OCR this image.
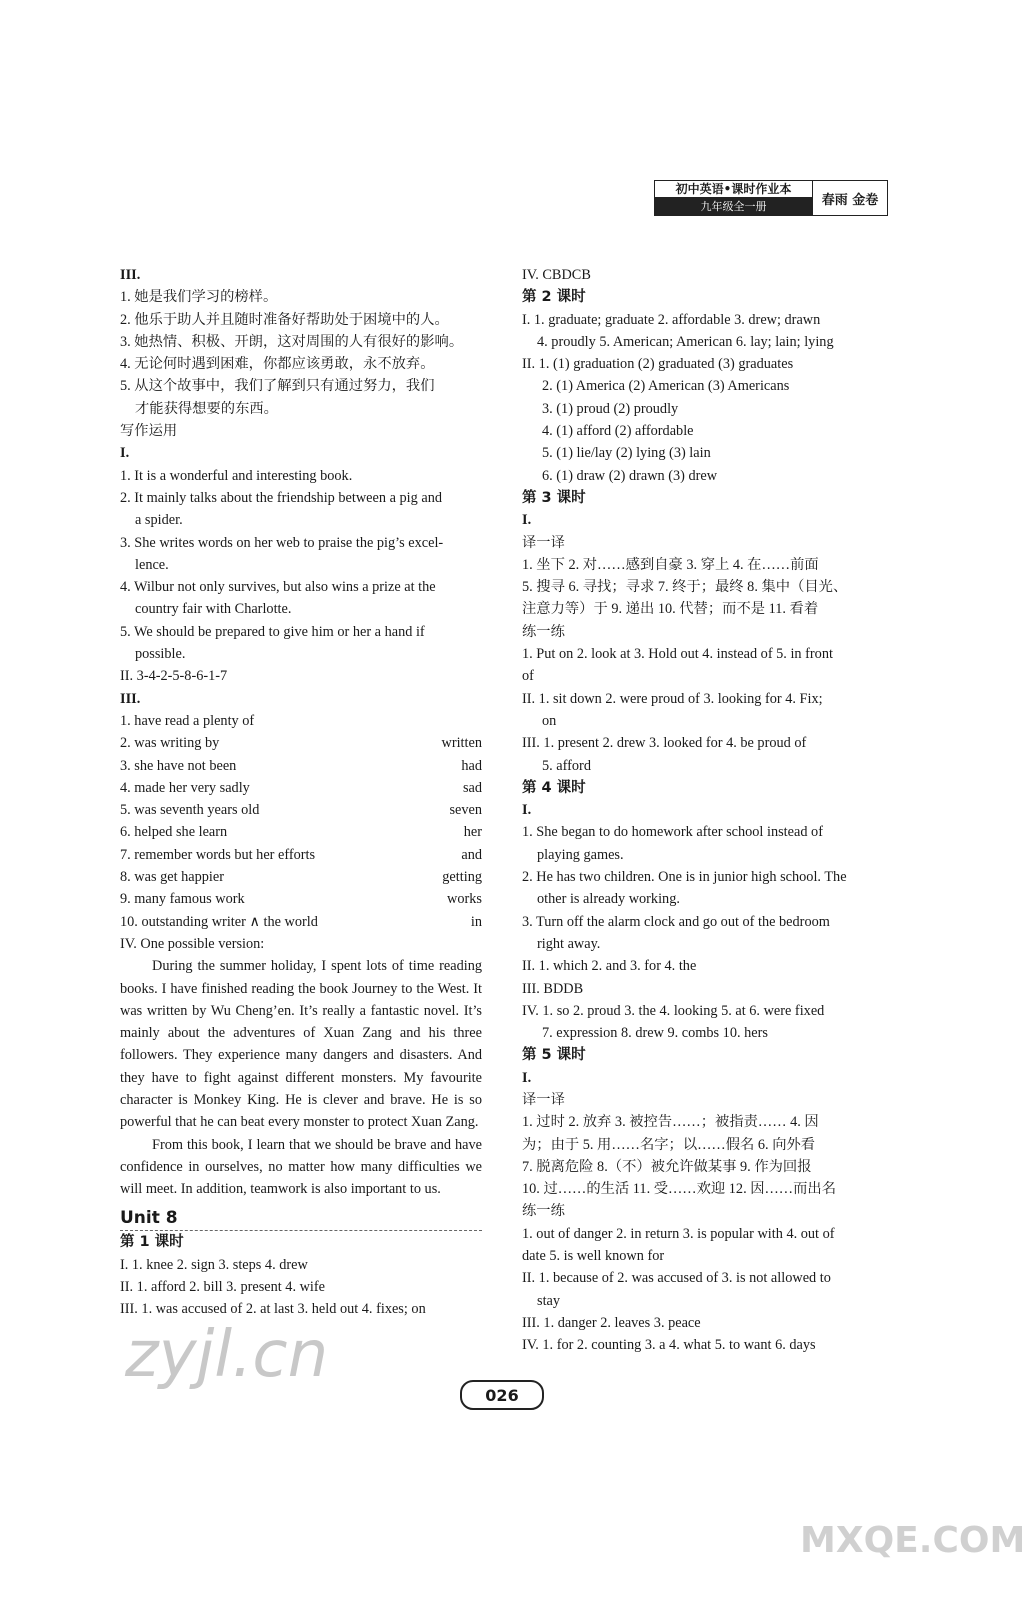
初中英语•课时作业本
九年级全一册	春雨 金卷
III.
1. 她是我们学习的榜样。
2. 他乐于助人并且随时准备好帮助处于困境中的人。
3. 她热情、积极、开朗，这对周围的人有很好的影响。
4. 无论何时遇到困难，你都应该勇敢，永不放弃。
5. 从这个故事中，我们了解到只有通过努力，我们
才能获得想要的东西。
写作运用
I.
1. It is a wonderful and interesting book.
2. It mainly talks about the friendship between a pig and
a spider.
3. She writes words on her web to praise the pig’s excel-
lence.
4. Wilbur not only survives, but also wins a prize at the
country fair with Charlotte.
5. We should be prepared to give him or her a hand if
possible.
II. 3-4-2-5-8-6-1-7
III.
1. have read a plenty of
2. was writing by	written
3. she have not been	had
4. made her very sadly	sad
5. was seventh years old	seven
6. helped she learn	her
7. remember words but her efforts	and
8. was get happier	getting
9. many famous work	works
10. outstanding writer ∧ the world	in
IV. One possible version:
During the summer holiday, I spent lots of time reading books. I have finished reading the book Journey to the West. It was written by Wu Cheng’en. It’s really a fantastic novel. It’s mainly about the adventures of Xuan Zang and his three followers. They experience many dangers and disasters. And they have to fight against different monsters. My favourite character is Monkey King. He is clever and brave. He is so powerful that he can beat every monster to protect Xuan Zang.
From this book, I learn that we should be brave and have confidence in ourselves, no matter how many difficulties we will meet. In addition, teamwork is also important to us.
Unit 8
第 1 课时
I. 1. knee 2. sign 3. steps 4. drew
II. 1. afford 2. bill 3. present 4. wife
III. 1. was accused of 2. at last 3. held out 4. fixes; on
IV. CBDCB
第 2 课时
I. 1. graduate; graduate 2. affordable 3. drew; drawn
4. proudly 5. American; American 6. lay; lain; lying
II. 1. (1) graduation (2) graduated (3) graduates
2. (1) America (2) American (3) Americans
3. (1) proud (2) proudly
4. (1) afford (2) affordable
5. (1) lie/lay (2) lying (3) lain
6. (1) draw (2) drawn (3) drew
第 3 课时
I.
译一译
1. 坐下 2. 对……感到自豪 3. 穿上 4. 在……前面
5. 搜寻 6. 寻找；寻求 7. 终于；最终 8. 集中（目光、
注意力等）于 9. 递出 10. 代替；而不是 11. 看着
练一练
1. Put on 2. look at 3. Hold out 4. instead of 5. in front
of
II. 1. sit down 2. were proud of 3. looking for 4. Fix;
on
III. 1. present 2. drew 3. looked for 4. be proud of
5. afford
第 4 课时
I.
1. She began to do homework after school instead of
playing games.
2. He has two children. One is in junior high school. The
other is already working.
3. Turn off the alarm clock and go out of the bedroom
right away.
II. 1. which 2. and 3. for 4. the
III. BDDB
IV. 1. so 2. proud 3. the 4. looking 5. at 6. were fixed
7. expression 8. drew 9. combs 10. hers
第 5 课时
I.
译一译
1. 过时 2. 放弃 3. 被控告……；被指责…… 4. 因
为；由于 5. 用……名字；以……假名 6. 向外看
7. 脱离危险 8.（不）被允许做某事 9. 作为回报
10. 过……的生活 11. 受……欢迎 12. 因……而出名
练一练
1. out of danger 2. in return 3. is popular with 4. out of
date 5. is well known for
II. 1. because of 2. was accused of 3. is not allowed to
stay
III. 1. danger 2. leaves 3. peace
IV. 1. for 2. counting 3. a 4. what 5. to want 6. days
zyjl.cn
MXQE.COM
026
